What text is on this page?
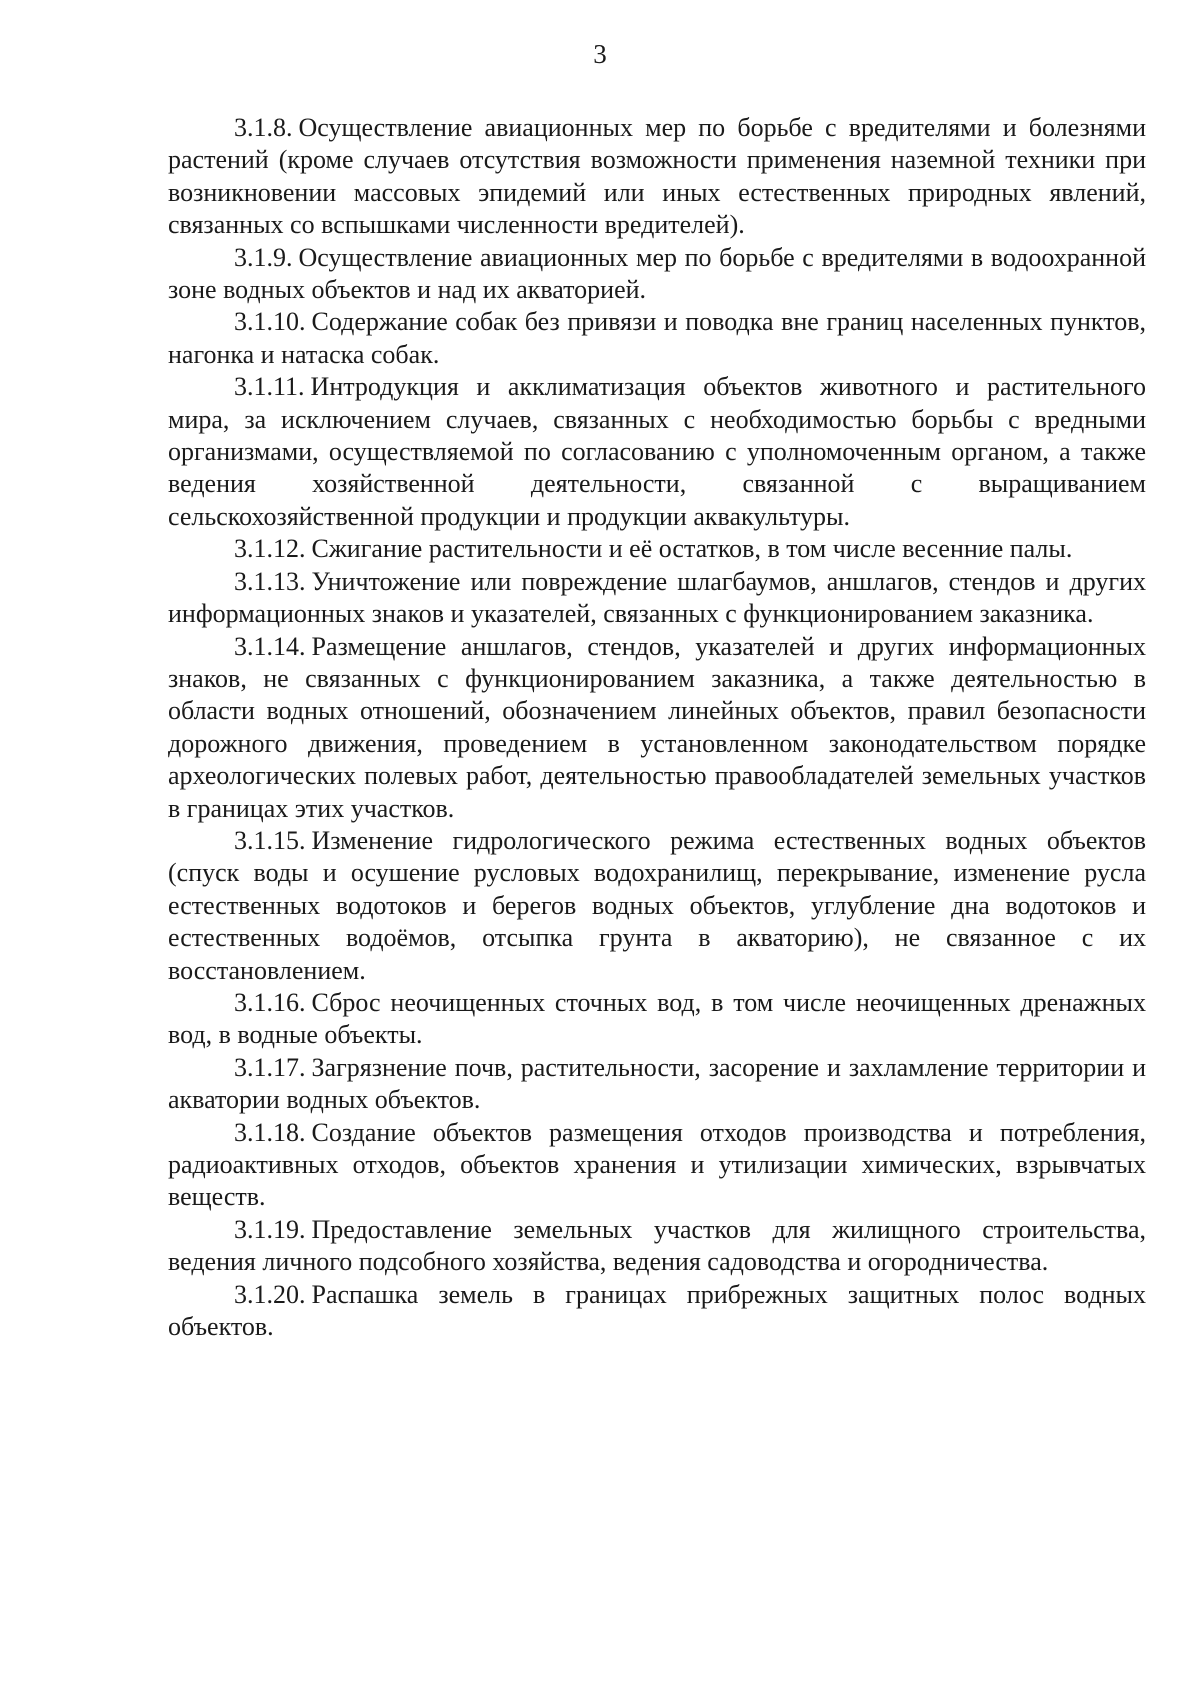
3

3.1.8. Осуществление авиационных мер по борьбе с вредителями и болезнями растений (кроме случаев отсутствия возможности применения наземной техники при возникновении массовых эпидемий или иных естественных природных явлений, связанных со вспышками численности вредителей).

3.1.9. Осуществление авиационных мер по борьбе с вредителями в водоохранной зоне водных объектов и над их акваторией.

3.1.10. Содержание собак без привязи и поводка вне границ населенных пунктов, нагонка и натаска собак.

3.1.11. Интродукция и акклиматизация объектов животного и растительного мира, за исключением случаев, связанных с необходимостью борьбы с вредными организмами, осуществляемой по согласованию с уполномоченным органом, а также ведения хозяйственной деятельности, связанной с выращиванием сельскохозяйственной продукции и продукции аквакультуры.

3.1.12. Сжигание растительности и её остатков, в том числе весенние палы.

3.1.13. Уничтожение или повреждение шлагбаумов, аншлагов, стендов и других информационных знаков и указателей, связанных с функционированием заказника.

3.1.14. Размещение аншлагов, стендов, указателей и других информационных знаков, не связанных с функционированием заказника, а также деятельностью в области водных отношений, обозначением линейных объектов, правил безопасности дорожного движения, проведением в установленном законодательством порядке археологических полевых работ, деятельностью правообладателей земельных участков в границах этих участков.

3.1.15. Изменение гидрологического режима естественных водных объектов (спуск воды и осушение русловых водохранилищ, перекрывание, изменение русла естественных водотоков и берегов водных объектов, углубление дна водотоков и естественных водоёмов, отсыпка грунта в акваторию), не связанное с их восстановлением.

3.1.16. Сброс неочищенных сточных вод, в том числе неочищенных дренажных вод, в водные объекты.

3.1.17. Загрязнение почв, растительности, засорение и захламление территории и акватории водных объектов.

3.1.18. Создание объектов размещения отходов производства и потребления, радиоактивных отходов, объектов хранения и утилизации химических, взрывчатых веществ.

3.1.19. Предоставление земельных участков для жилищного строительства, ведения личного подсобного хозяйства, ведения садоводства и огородничества.

3.1.20. Распашка земель в границах прибрежных защитных полос водных объектов.
